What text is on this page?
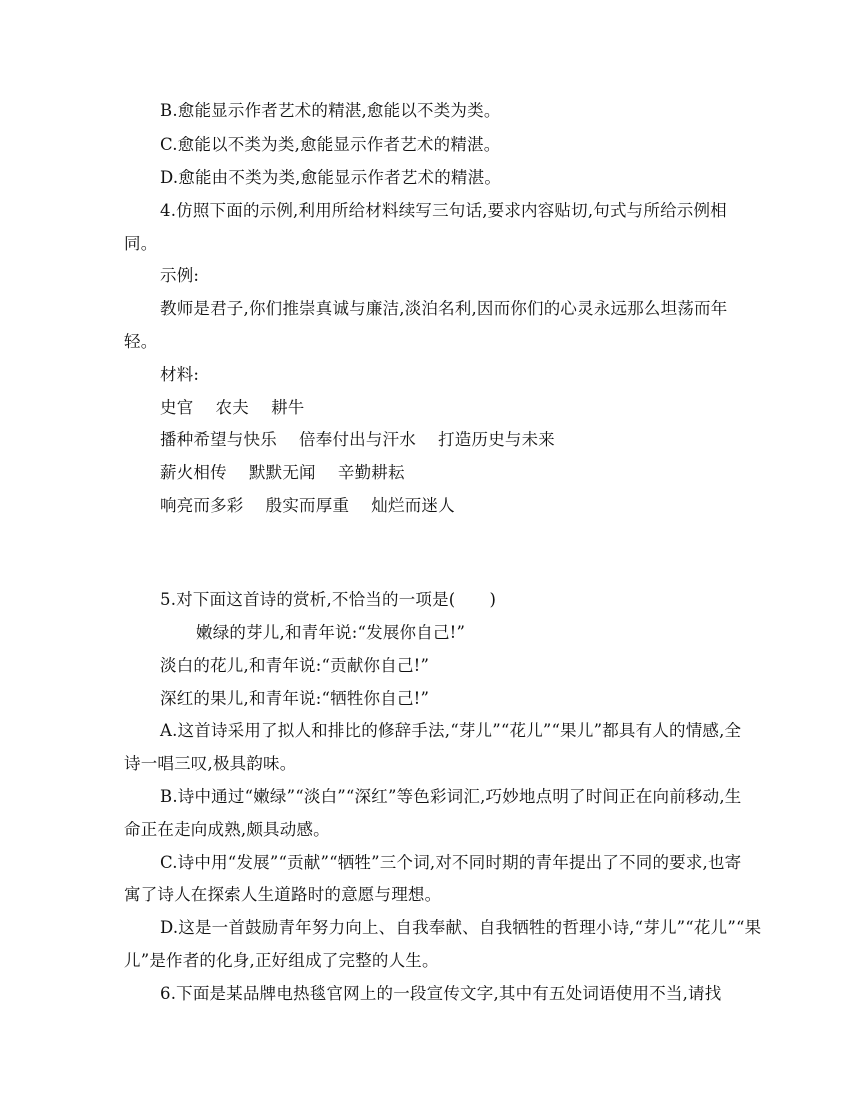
B.愈能显示作者艺术的精湛,愈能以不类为类。
C.愈能以不类为类,愈能显示作者艺术的精湛。
D.愈能由不类为类,愈能显示作者艺术的精湛。
4.仿照下面的示例,利用所给材料续写三句话,要求内容贴切,句式与所给示例相
同。
示例:
教师是君子,你们推崇真诚与廉洁,淡泊名利,因而你们的心灵永远那么坦荡而年
轻。
材料:
史官　 农夫　 耕牛
播种希望与快乐　 倍奉付出与汗水　 打造历史与未来
薪火相传　 默默无闻　 辛勤耕耘
响亮而多彩　 殷实而厚重　 灿烂而迷人
5.对下面这首诗的赏析,不恰当的一项是( )
嫩绿的芽儿,和青年说:“发展你自己!”
淡白的花儿,和青年说:“贡献你自己!”
深红的果儿,和青年说:“牺牲你自己!”
A.这首诗采用了拟人和排比的修辞手法,“芽儿”“花儿”“果儿”都具有人的情感,全
诗一唱三叹,极具韵味。
B.诗中通过“嫩绿”“淡白”“深红”等色彩词汇,巧妙地点明了时间正在向前移动,生
命正在走向成熟,颇具动感。
C.诗中用“发展”“贡献”“牺牲”三个词,对不同时期的青年提出了不同的要求,也寄
寓了诗人在探索人生道路时的意愿与理想。
D.这是一首鼓励青年努力向上、自我奉献、自我牺牲的哲理小诗,“芽儿”“花儿”“果
儿”是作者的化身,正好组成了完整的人生。
6.下面是某品牌电热毯官网上的一段宣传文字,其中有五处词语使用不当,请找
